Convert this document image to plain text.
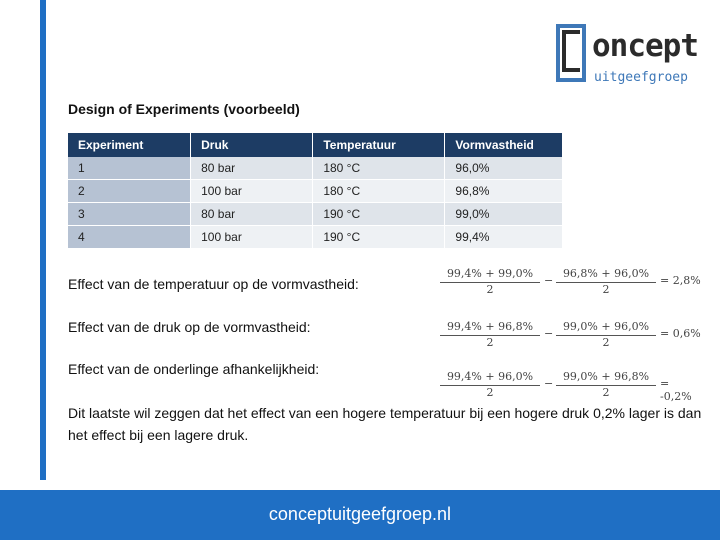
oncept
uitgeefgroep
Design of Experiments (voorbeeld)
Experiment	Druk	Temperatuur	Vormvastheid
1	80 bar	180 °C	96,0%
2	100 bar	180 °C	96,8%
3	80 bar	190 °C	99,0%
4	100 bar	190 °C	99,4%
Effect van de temperatuur op de vormvastheid:	$\frac{99,4\% + 99,0\%}{2} - \frac{96,8\% + 96,0\%}{2} = 2,8\%$
Effect van de druk op de vormvastheid:	$\frac{99,4\% + 96,8\%}{2} - \frac{99,0\% + 96,0\%}{2} = 0,6\%$
Effect van de onderlinge afhankelijkheid:	$\frac{99,4\% + 96,0\%}{2} - \frac{99,0\% + 96,8\%}{2} = -0,2\%$
Dit laatste wil zeggen dat het effect van een hogere temperatuur bij een hogere druk 0,2% lager is dan het effect bij een lagere druk.
conceptuitgeefgroep.nl
